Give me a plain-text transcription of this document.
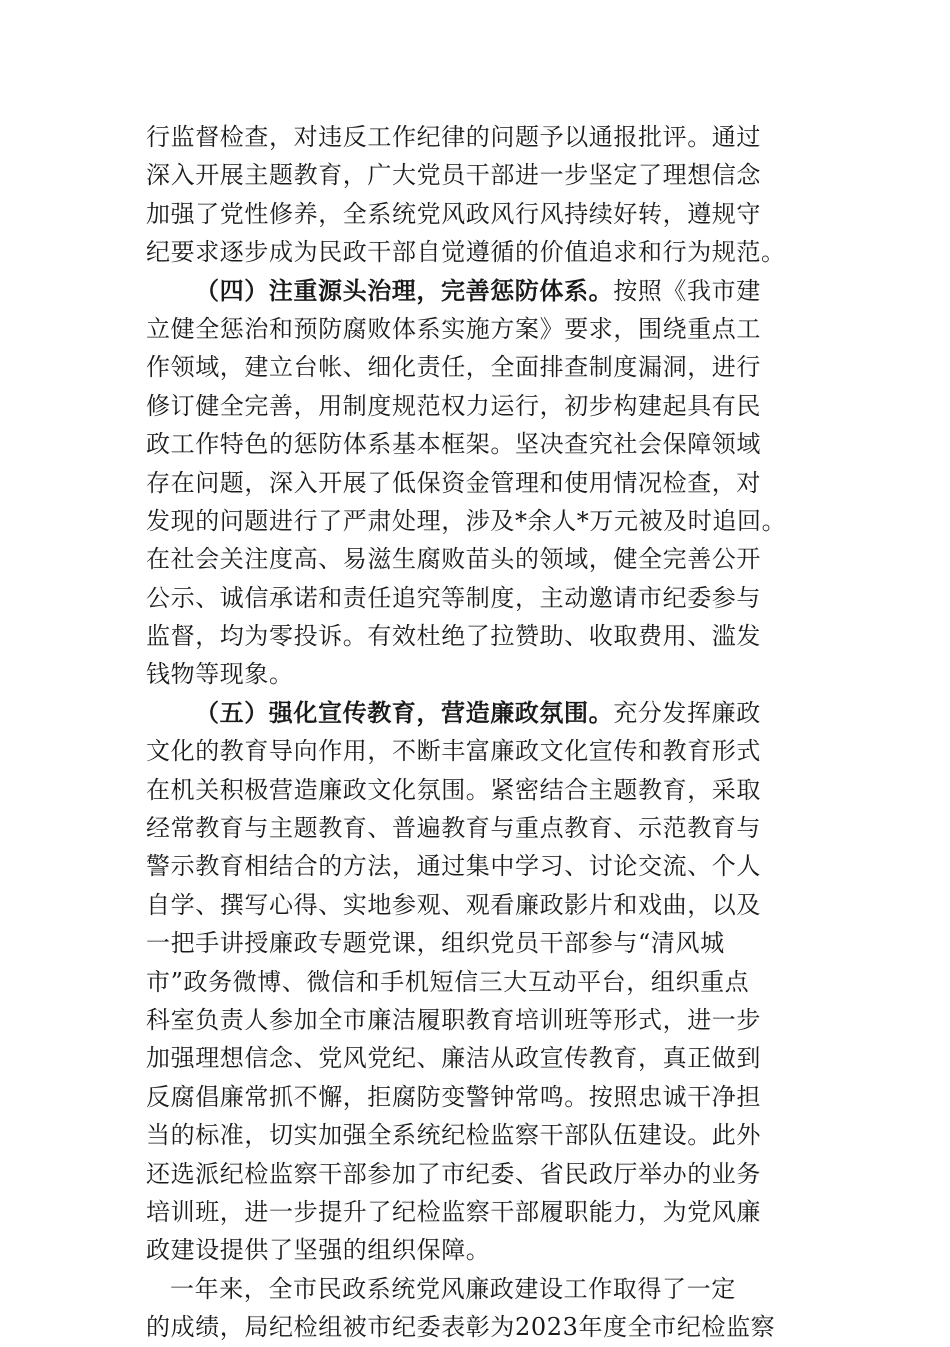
行监督检查，对违反工作纪律的问题予以通报批评。通过
深入开展主题教育，广大党员干部进一步坚定了理想信念
加强了党性修养，全系统党风政风行风持续好转，遵规守
纪要求逐步成为民政干部自觉遵循的价值追求和行为规范。
（四）注重源头治理，完善惩防体系。按照《我市建
立健全惩治和预防腐败体系实施方案》要求，围绕重点工
作领域，建立台帐、细化责任，全面排查制度漏洞，进行
修订健全完善，用制度规范权力运行，初步构建起具有民
政工作特色的惩防体系基本框架。坚决查究社会保障领域
存在问题，深入开展了低保资金管理和使用情况检查，对
发现的问题进行了严肃处理，涉及*余人*万元被及时追回。
在社会关注度高、易滋生腐败苗头的领域，健全完善公开
公示、诚信承诺和责任追究等制度，主动邀请市纪委参与
监督，均为零投诉。有效杜绝了拉赞助、收取费用、滥发
钱物等现象。
（五）强化宣传教育，营造廉政氛围。充分发挥廉政
文化的教育导向作用，不断丰富廉政文化宣传和教育形式
在机关积极营造廉政文化氛围。紧密结合主题教育，采取
经常教育与主题教育、普遍教育与重点教育、示范教育与
警示教育相结合的方法，通过集中学习、讨论交流、个人
自学、撰写心得、实地参观、观看廉政影片和戏曲，以及
一把手讲授廉政专题党课，组织党员干部参与“清风城
市”政务微博、微信和手机短信三大互动平台，组织重点
科室负责人参加全市廉洁履职教育培训班等形式，进一步
加强理想信念、党风党纪、廉洁从政宣传教育，真正做到
反腐倡廉常抓不懈，拒腐防变警钟常鸣。按照忠诚干净担
当的标准，切实加强全系统纪检监察干部队伍建设。此外
还选派纪检监察干部参加了市纪委、省民政厅举办的业务
培训班，进一步提升了纪检监察干部履职能力，为党风廉
政建设提供了坚强的组织保障。
一年来，全市民政系统党风廉政建设工作取得了一定
的成绩，局纪检组被市纪委表彰为2023年度全市纪检监察
